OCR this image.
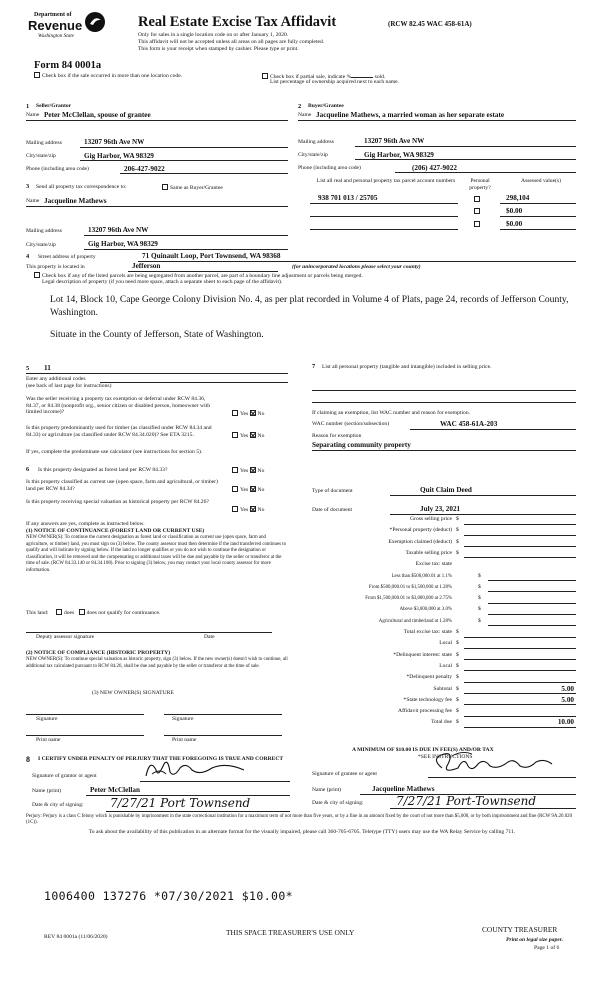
Department of
Revenue
Washington State
Real Estate Excise Tax Affidavit	(RCW 82.45 WAC 458-61A)
Only for sales in a single location code on or after January 1, 2020.
This affidavit will not be accepted unless all areas on all pages are fully completed.
This form is your receipt when stamped by cashier. Please type or print.
Form 84 0001a
Check box if the sale occurred in more than one location code.	Check box if partial sale, indicate %	sold.
List percentage of ownership acquired next to each name.
1 Seller/Grantor
Name Peter McClellan, spouse of grantee
Mailing address	13207 96th Ave NW
City/state/zip	Gig Harbor, WA 98329
Phone (including area code)	206-427-9022
2 Buyer/Grantee
Name Jacqueline Mathews, a married woman as her separate estate
Mailing address	13207 96th Ave NW
City/state/zip	Gig Harbor, WA 98329
Phone (including area code)	(206) 427-9022
3 Send all property tax correspondence to:	Same as Buyer/Grantee
Name Jacqueline Mathews
Mailing address	13207 96th Ave NW
City/state/zip	Gig Harbor, WA 98329
List all real and personal property tax parcel account numbers	Personal property?
Assessed value(s)
938 701 013 / 25705	298,104
$0.00
$0.00
4 Street address of property	71 Quinault Loop, Port Townsend, WA 98368
This property is located in	Jefferson	(for unincorporated locations please select your county)
Check box if any of the listed parcels are being segregated from another parcel, are part of a boundary line adjustment or parcels being merged.
Legal description of property (if you need more space, attach a separate sheet to each page of the affidavit).
Lot 14, Block 10, Cape George Colony Division No. 4, as per plat recorded in Volume 4 of Plats, page 24, records of Jefferson County, Washington.
Situate in the County of Jefferson, State of Washington.
5 11
Enter any additional codes
(see back of last page for instructions)
Was the seller receiving a property tax exemption or deferral under RCW 84.36, 84.37, or 84.38 (nonprofit org., senior citizen or disabled person, homeowner with limited income)?	Yes No
Is this property predominantly used for timber (as classified under RCW 84.34 and 84.33) or agriculture (as classified under RCW 84.34.020)? See ETA 3215.	Yes No
If yes, complete the predominate use calculator (see instructions for section 5).
6 Is this property designated as forest land per RCW 84.33?	Yes No
Is this property classified as current use (open space, farm and agricultural, or timber) land per RCW 84.34?	Yes No
Is this property receiving special valuation as historical property per RCW 84.26?
Yes No
If any answers are yes, complete as instructed below.
(1) NOTICE OF CONTINUANCE (FOREST LAND OR CURRENT USE)
NEW OWNER(S): To continue the current designation as forest land or classification as current use (open space, farm and agriculture, or timber) land, you must sign on (3) below. The county assessor must then determine if the land transferred continues to qualify and will indicate by signing below. If the land no longer qualifies or you do not wish to continue the designation or classification, it will be removed and the compensating or additional taxes will be due and payable by the seller or transferor at the time of sale. (RCW 84.33.140 or 84.34.108). Prior to signing (3) below, you may contact your local county assessor for more information.
This land:	does does not qualify for continuance.
Deputy assessor signature	Date
(2) NOTICE OF COMPLIANCE (HISTORIC PROPERTY)
NEW OWNER(S): To continue special valuation as historic property, sign (3) below. If the new owner(s) doesn't wish to continue, all additional tax calculated pursuant to RCW 84.26, shall be due and payable by the seller or transferor at the time of sale.
(3) NEW OWNER(S) SIGNATURE
Signature	Signature
Print name	Print name
7	List all personal property (tangible and intangible) included in selling price.
If claiming an exemption, list WAC number and reason for exemption.
WAC number (section/subsection)	WAC 458-61A-203
Reason for exemption
Separating community property
Type of document	Quit Claim Deed
Date of document	July 23, 2021
Gross selling price $
*Personal property (deduct) $
Exemption claimed (deduct) $
Taxable selling price $
Excise tax: state
Less than $500,000.01 at 1.1%	$
From $500,000.01 to $1,500,000 at 1.28%	$
From $1,500,000.01 to $3,000,000 at 2.75%	$
Above $3,000,000 at 3.0%	$
Agricultural and timberland at 1.28%	$
Total excise tax: state $
Local $
*Delinquent interest: state $
Local $
*Delinquent penalty $
Subtotal $	5.00
*State technology fee $	5.00
Affidavit processing fee $
Total due $	10.00
A MINIMUM OF $10.00 IS DUE IN FEE(S) AND/OR TAX
*SEE INSTRUCTIONS
8 I CERTIFY UNDER PENALTY OF PERJURY THAT THE FOREGOING IS TRUE AND CORRECT
Signature of grantor or agent	Signature of grantee or agent
Name (print)	Peter McClellan	Name (print)	Jacqueline Mathews
Date & city of signing: 7/27/21 Port Townsend	Date & city of signing:	7/27/21 Port-Townsend
Perjury: Perjury is a class C felony which is punishable by imprisonment in the state correctional institution for a maximum term of not more than five years, or by a fine in an amount fixed by the court of not more than $5,000, or by both imprisonment and fine (RCW 9A.20.020 (1C)).
To ask about the availability of this publication in an alternate format for the visually impaired, please call 360-705-6705. Teletype (TTY) users may use the WA Relay Service by calling 711.
1006400 137276 *07/30/2021 $10.00*
REV 84 0001a (11/06/2020)	THIS SPACE TREASURER'S USE ONLY	COUNTY TREASURER
Print on legal size paper.
Page 1 of 6
